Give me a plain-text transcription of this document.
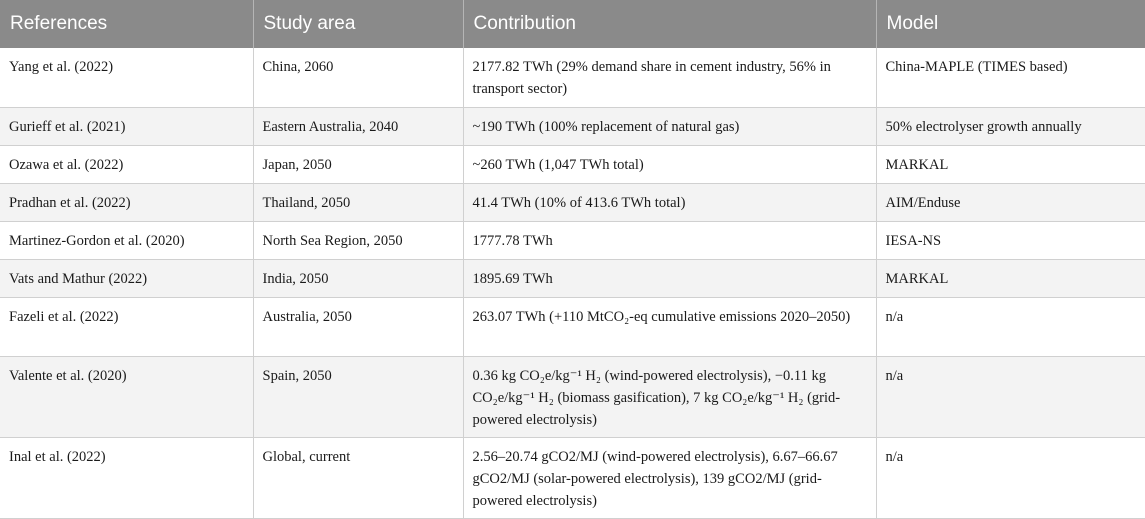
References	Study area	Contribution	Model
Yang et al. (2022)	China, 2060	2177.82 TWh (29% demand share in cement industry, 56% in transport sector)	China-MAPLE (TIMES based)
Gurieff et al. (2021)	Eastern Australia, 2040	~190 TWh (100% replacement of natural gas)	50% electrolyser growth annually
Ozawa et al. (2022)	Japan, 2050	~260 TWh (1,047 TWh total)	MARKAL
Pradhan et al. (2022)	Thailand, 2050	41.4 TWh (10% of 413.6 TWh total)	AIM/Enduse
Martinez-Gordon et al. (2020)	North Sea Region, 2050	1777.78 TWh	IESA-NS
Vats and Mathur (2022)	India, 2050	1895.69 TWh	MARKAL
Fazeli et al. (2022)	Australia, 2050	263.07 TWh (+110 MtCO₂-eq cumulative emissions 2020–2050)	n/a
Valente et al. (2020)	Spain, 2050	0.36 kg CO₂e/kg⁻¹ H₂ (wind-powered electrolysis), −0.11 kg CO₂e/kg⁻¹ H₂ (biomass gasification), 7 kg CO₂e/kg⁻¹ H₂ (grid-powered electrolysis)	n/a
Inal et al. (2022)	Global, current	2.56–20.74 gCO2/MJ (wind-powered electrolysis), 6.67–66.67 gCO2/MJ (solar-powered electrolysis), 139 gCO2/MJ (grid-powered electrolysis)	n/a
